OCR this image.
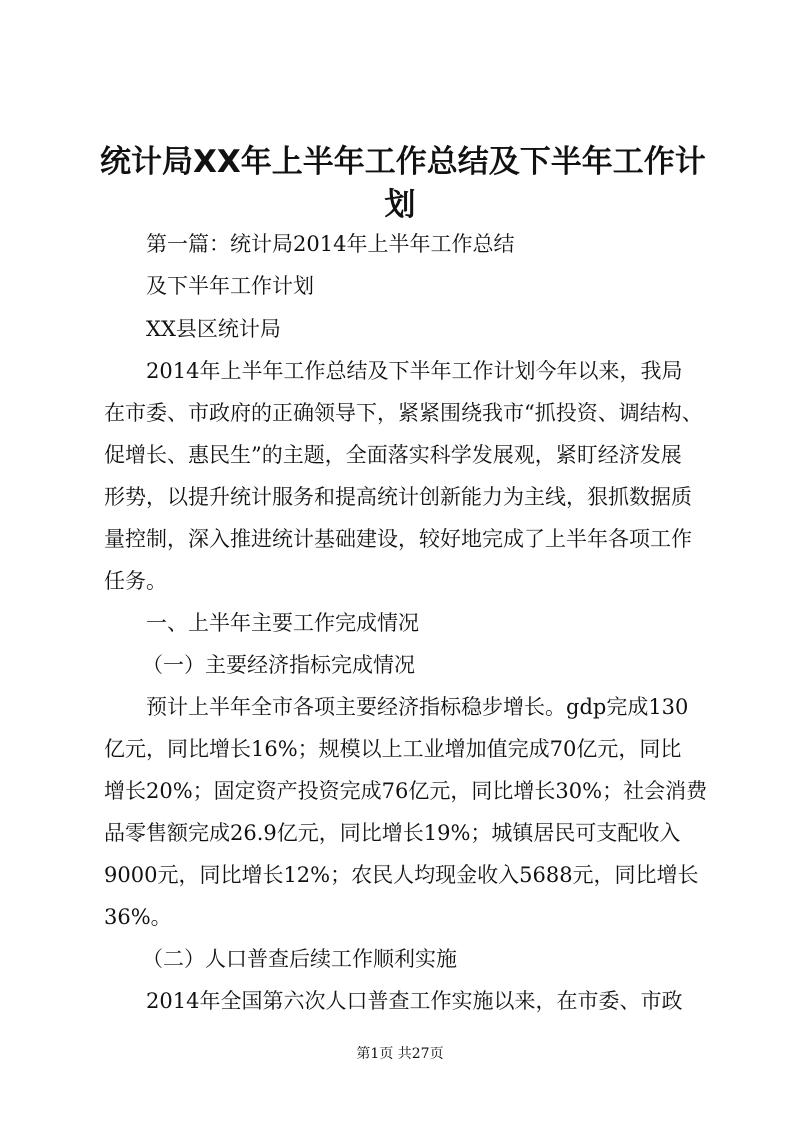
统计局XX年上半年工作总结及下半年工作计
划

第一篇：统计局2014年上半年工作总结

及下半年工作计划

XX县区统计局

2014年上半年工作总结及下半年工作计划今年以来，我局

在市委、市政府的正确领导下，紧紧围绕我市“抓投资、调结构、

促增长、惠民生”的主题，全面落实科学发展观，紧盯经济发展

形势，以提升统计服务和提高统计创新能力为主线，狠抓数据质

量控制，深入推进统计基础建设，较好地完成了上半年各项工作

任务。

一、上半年主要工作完成情况

（一）主要经济指标完成情况

预计上半年全市各项主要经济指标稳步增长。gdp完成130

亿元，同比增长16%；规模以上工业增加值完成70亿元，同比

增长20%；固定资产投资完成76亿元，同比增长30%；社会消费

品零售额完成26.9亿元，同比增长19%；城镇居民可支配收入

9000元，同比增长12%；农民人均现金收入5688元，同比增长

36%。

（二）人口普查后续工作顺利实施

2014年全国第六次人口普查工作实施以来，在市委、市政

第1页 共27页
